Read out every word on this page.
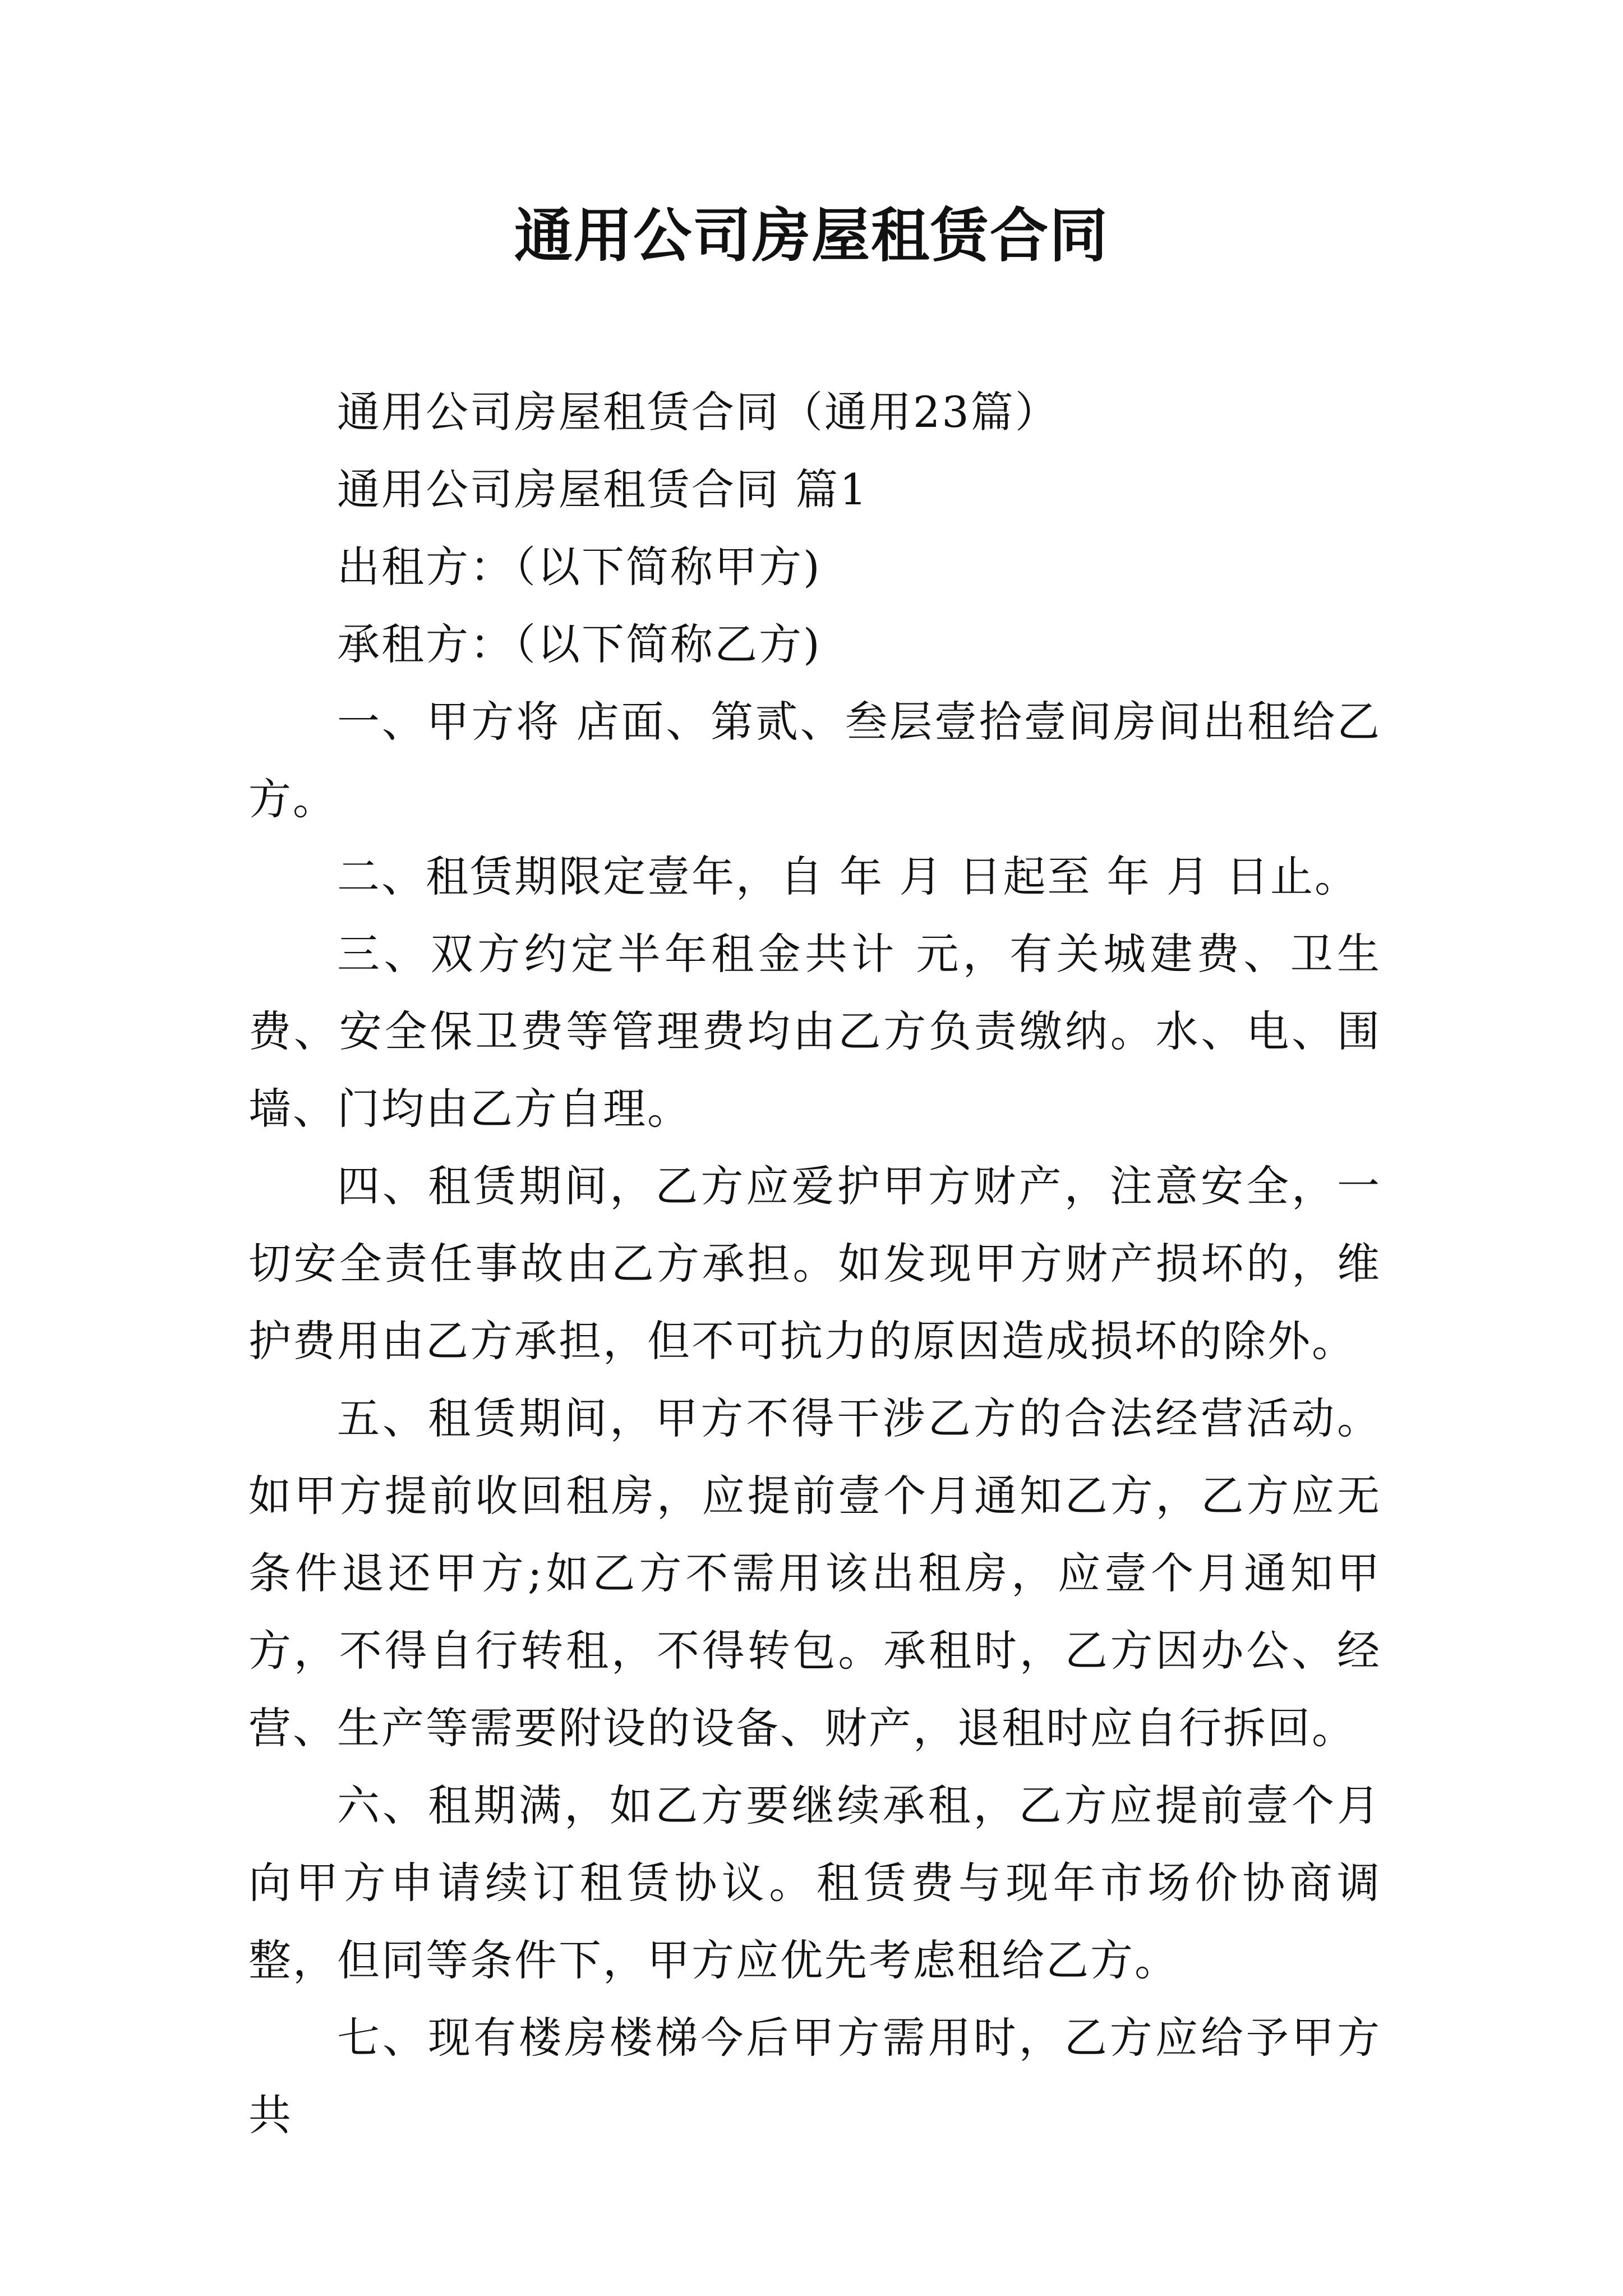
通用公司房屋租赁合同

通用公司房屋租赁合同（通用23篇）

通用公司房屋租赁合同 篇1

出租方：（以下简称甲方)

承租方：（以下简称乙方)

一、甲方将 店面、第贰、叁层壹拾壹间房间出租给乙方。

二、租赁期限定壹年，自 年 月 日起至 年 月 日止。

三、双方约定半年租金共计 元，有关城建费、卫生费、安全保卫费等管理费均由乙方负责缴纳。水、电、围墙、门均由乙方自理。

四、租赁期间，乙方应爱护甲方财产，注意安全，一切安全责任事故由乙方承担。如发现甲方财产损坏的，维护费用由乙方承担，但不可抗力的原因造成损坏的除外。

五、租赁期间，甲方不得干涉乙方的合法经营活动。如甲方提前收回租房，应提前壹个月通知乙方，乙方应无条件退还甲方;如乙方不需用该出租房，应壹个月通知甲方，不得自行转租，不得转包。承租时，乙方因办公、经营、生产等需要附设的设备、财产，退租时应自行拆回。

六、租期满，如乙方要继续承租，乙方应提前壹个月向甲方申请续订租赁协议。租赁费与现年市场价协商调整，但同等条件下，甲方应优先考虑租给乙方。

七、现有楼房楼梯今后甲方需用时，乙方应给予甲方共
